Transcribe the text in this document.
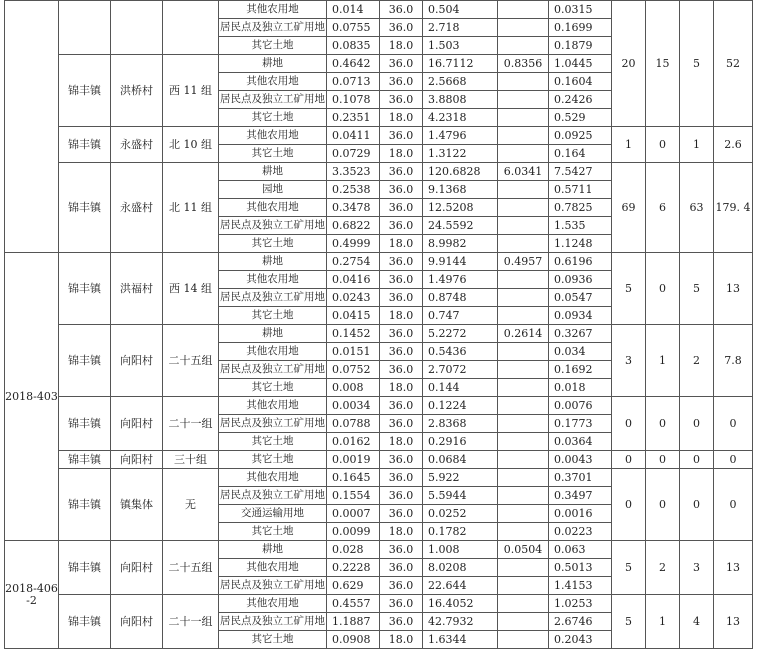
				其他农用地	0.014	36.0	0.504		0.0315	20	15	5	52
				居民点及独立工矿用地	0.0755	36.0	2.718		0.1699				
				其它土地	0.0835	18.0	1.503		0.1879				
	锦丰镇	洪桥村	西 11 组	耕地	0.4642	36.0	16.7112	0.8356	1.0445				
				其他农用地	0.0713	36.0	2.5668		0.1604				
				居民点及独立工矿用地	0.1078	36.0	3.8808		0.2426				
				其它土地	0.2351	18.0	4.2318		0.529				
	锦丰镇	永盛村	北 10 组	其他农用地	0.0411	36.0	1.4796		0.0925	1	0	1	2.6
				其它土地	0.0729	18.0	1.3122		0.164				
	锦丰镇	永盛村	北 11 组	耕地	3.3523	36.0	120.6828	6.0341	7.5427	69	6	63	179. 4
				园地	0.2538	36.0	9.1368		0.5711				
				其他农用地	0.3478	36.0	12.5208		0.7825				
				居民点及独立工矿用地	0.6822	36.0	24.5592		1.535				
				其它土地	0.4999	18.0	8.9982		1.1248				
2018-403	锦丰镇	洪福村	西 14 组	耕地	0.2754	36.0	9.9144	0.4957	0.6196	5	0	5	13
				其他农用地	0.0416	36.0	1.4976		0.0936				
				居民点及独立工矿用地	0.0243	36.0	0.8748		0.0547				
				其它土地	0.0415	18.0	0.747		0.0934				
	锦丰镇	向阳村	二十五组	耕地	0.1452	36.0	5.2272	0.2614	0.3267	3	1	2	7.8
				其他农用地	0.0151	36.0	0.5436		0.034				
				居民点及独立工矿用地	0.0752	36.0	2.7072		0.1692				
				其它土地	0.008	18.0	0.144		0.018				
	锦丰镇	向阳村	二十一组	其他农用地	0.0034	36.0	0.1224		0.0076	0	0	0	0
				居民点及独立工矿用地	0.0788	36.0	2.8368		0.1773				
				其它土地	0.0162	18.0	0.2916		0.0364				
	锦丰镇	向阳村	三十组	其它土地	0.0019	36.0	0.0684		0.0043	0	0	0	0
	锦丰镇	镇集体	无	其他农用地	0.1645	36.0	5.922		0.3701	0	0	0	0
				居民点及独立工矿用地	0.1554	36.0	5.5944		0.3497				
				交通运输用地	0.0007	36.0	0.0252		0.0016				
				其它土地	0.0099	18.0	0.1782		0.0223				
2018-406 -2	锦丰镇	向阳村	二十五组	耕地	0.028	36.0	1.008	0.0504	0.063	5	2	3	13
				其他农用地	0.2228	36.0	8.0208		0.5013				
				居民点及独立工矿用地	0.629	36.0	22.644		1.4153				
	锦丰镇	向阳村	二十一组	其他农用地	0.4557	36.0	16.4052		1.0253	5	1	4	13
				居民点及独立工矿用地	1.1887	36.0	42.7932		2.6746				
				其它土地	0.0908	18.0	1.6344		0.2043				
